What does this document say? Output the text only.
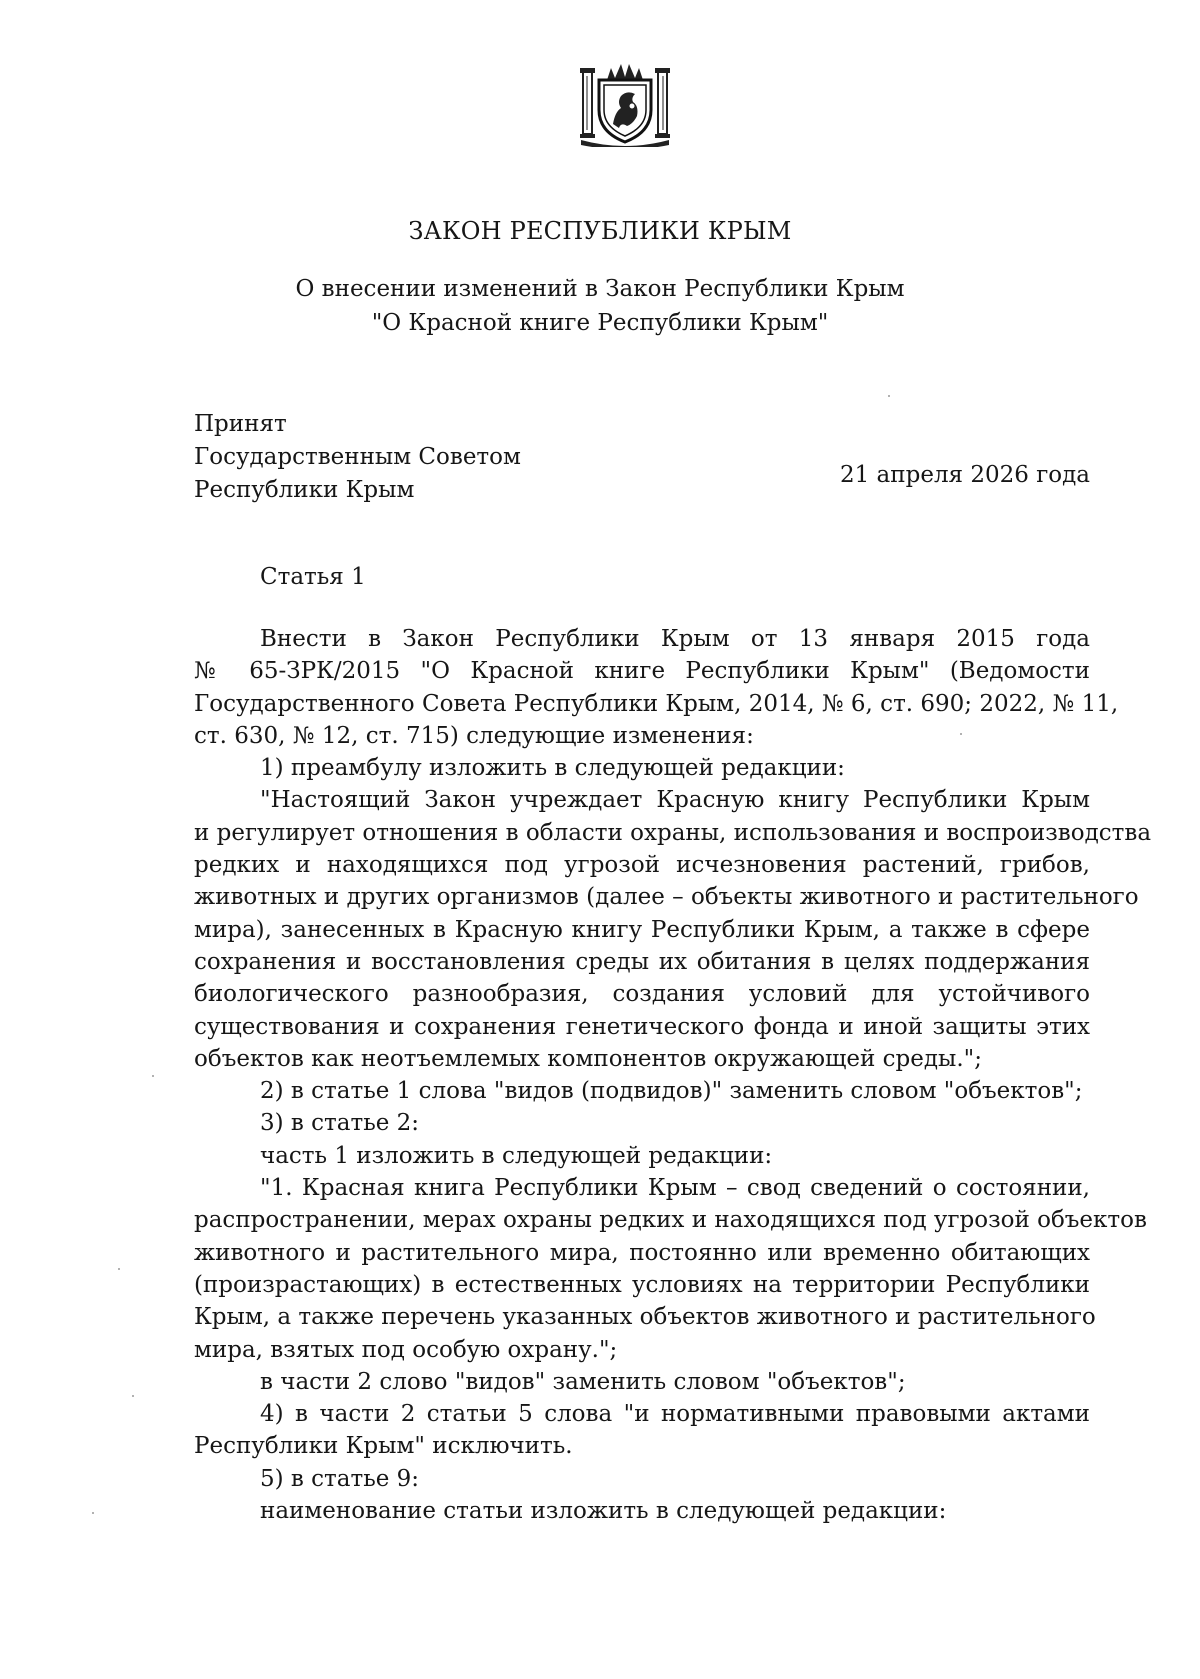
ЗАКОН РЕСПУБЛИКИ КРЫМ
О внесении изменений в Закон Республики Крым
"О Красной книге Республики Крым"
Принят
Государственным Советом
Республики Крым
21 апреля 2026 года
Статья 1
Внести в Закон Республики Крым от 13 января 2015 года
№ 65-ЗРК/2015 "О Красной книге Республики Крым" (Ведомости
Государственного Совета Республики Крым, 2014, № 6, ст. 690; 2022, № 11,
ст. 630, № 12, ст. 715) следующие изменения:
1) преамбулу изложить в следующей редакции:
"Настоящий Закон учреждает Красную книгу Республики Крым
и регулирует отношения в области охраны, использования и воспроизводства
редких и находящихся под угрозой исчезновения растений, грибов,
животных и других организмов (далее – объекты животного и растительного
мира), занесенных в Красную книгу Республики Крым, а также в сфере
сохранения и восстановления среды их обитания в целях поддержания
биологического разнообразия, создания условий для устойчивого
существования и сохранения генетического фонда и иной защиты этих
объектов как неотъемлемых компонентов окружающей среды.";
2) в статье 1 слова "видов (подвидов)" заменить словом "объектов";
3) в статье 2:
часть 1 изложить в следующей редакции:
"1. Красная книга Республики Крым – свод сведений о состоянии,
распространении, мерах охраны редких и находящихся под угрозой объектов
животного и растительного мира, постоянно или временно обитающих
(произрастающих) в естественных условиях на территории Республики
Крым, а также перечень указанных объектов животного и растительного
мира, взятых под особую охрану.";
в части 2 слово "видов" заменить словом "объектов";
4) в части 2 статьи 5 слова "и нормативными правовыми актами
Республики Крым" исключить.
5) в статье 9:
наименование статьи изложить в следующей редакции:
